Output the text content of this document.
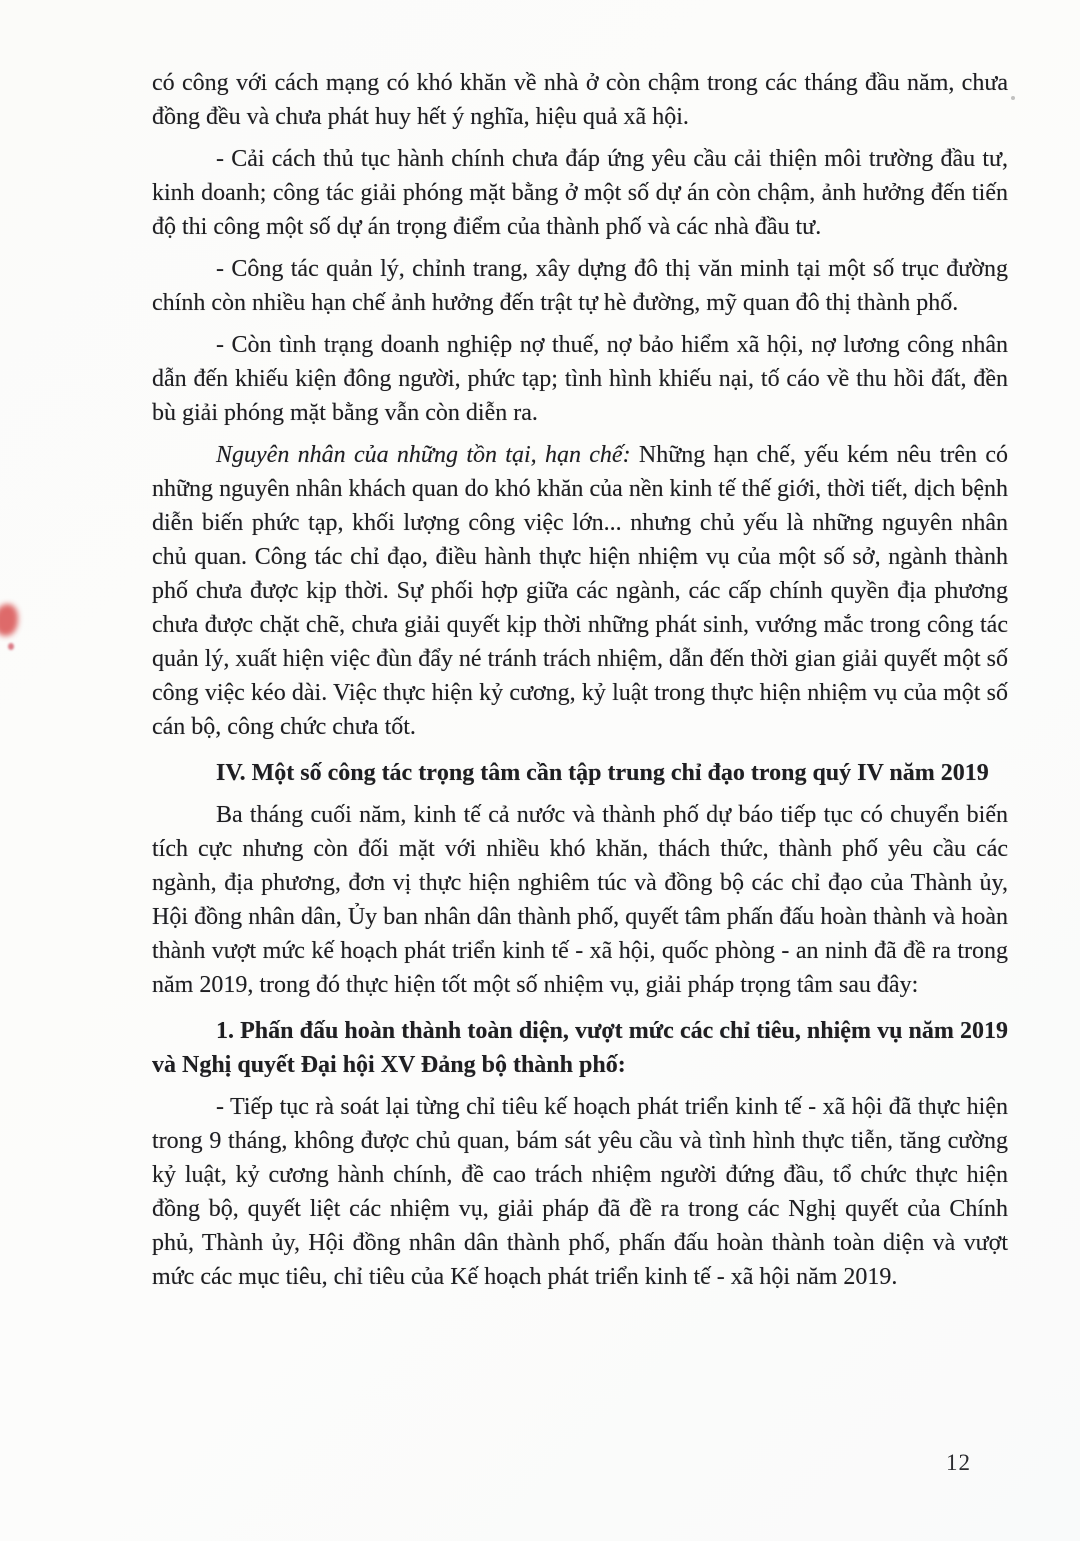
có công với cách mạng có khó khăn về nhà ở còn chậm trong các tháng đầu năm, chưa đồng đều và chưa phát huy hết ý nghĩa, hiệu quả xã hội.

- Cải cách thủ tục hành chính chưa đáp ứng yêu cầu cải thiện môi trường đầu tư, kinh doanh; công tác giải phóng mặt bằng ở một số dự án còn chậm, ảnh hưởng đến tiến độ thi công một số dự án trọng điểm của thành phố và các nhà đầu tư.

- Công tác quản lý, chỉnh trang, xây dựng đô thị văn minh tại một số trục đường chính còn nhiều hạn chế ảnh hưởng đến trật tự hè đường, mỹ quan đô thị thành phố.

- Còn tình trạng doanh nghiệp nợ thuế, nợ bảo hiểm xã hội, nợ lương công nhân dẫn đến khiếu kiện đông người, phức tạp; tình hình khiếu nại, tố cáo về thu hồi đất, đền bù giải phóng mặt bằng vẫn còn diễn ra.

Nguyên nhân của những tồn tại, hạn chế: Những hạn chế, yếu kém nêu trên có những nguyên nhân khách quan do khó khăn của nền kinh tế thế giới, thời tiết, dịch bệnh diễn biến phức tạp, khối lượng công việc lớn... nhưng chủ yếu là những nguyên nhân chủ quan. Công tác chỉ đạo, điều hành thực hiện nhiệm vụ của một số sở, ngành thành phố chưa được kịp thời. Sự phối hợp giữa các ngành, các cấp chính quyền địa phương chưa được chặt chẽ, chưa giải quyết kịp thời những phát sinh, vướng mắc trong công tác quản lý, xuất hiện việc đùn đẩy né tránh trách nhiệm, dẫn đến thời gian giải quyết một số công việc kéo dài. Việc thực hiện kỷ cương, kỷ luật trong thực hiện nhiệm vụ của một số cán bộ, công chức chưa tốt.

IV. Một số công tác trọng tâm cần tập trung chỉ đạo trong quý IV năm 2019

Ba tháng cuối năm, kinh tế cả nước và thành phố dự báo tiếp tục có chuyển biến tích cực nhưng còn đối mặt với nhiều khó khăn, thách thức, thành phố yêu cầu các ngành, địa phương, đơn vị thực hiện nghiêm túc và đồng bộ các chỉ đạo của Thành ủy, Hội đồng nhân dân, Ủy ban nhân dân thành phố, quyết tâm phấn đấu hoàn thành và hoàn thành vượt mức kế hoạch phát triển kinh tế - xã hội, quốc phòng - an ninh đã đề ra trong năm 2019, trong đó thực hiện tốt một số nhiệm vụ, giải pháp trọng tâm sau đây:

1. Phấn đấu hoàn thành toàn diện, vượt mức các chỉ tiêu, nhiệm vụ năm 2019 và Nghị quyết Đại hội XV Đảng bộ thành phố:

- Tiếp tục rà soát lại từng chỉ tiêu kế hoạch phát triển kinh tế - xã hội đã thực hiện trong 9 tháng, không được chủ quan, bám sát yêu cầu và tình hình thực tiễn, tăng cường kỷ luật, kỷ cương hành chính, đề cao trách nhiệm người đứng đầu, tổ chức thực hiện đồng bộ, quyết liệt các nhiệm vụ, giải pháp đã đề ra trong các Nghị quyết của Chính phủ, Thành ủy, Hội đồng nhân dân thành phố, phấn đấu hoàn thành toàn diện và vượt mức các mục tiêu, chỉ tiêu của Kế hoạch phát triển kinh tế - xã hội năm 2019.

12
